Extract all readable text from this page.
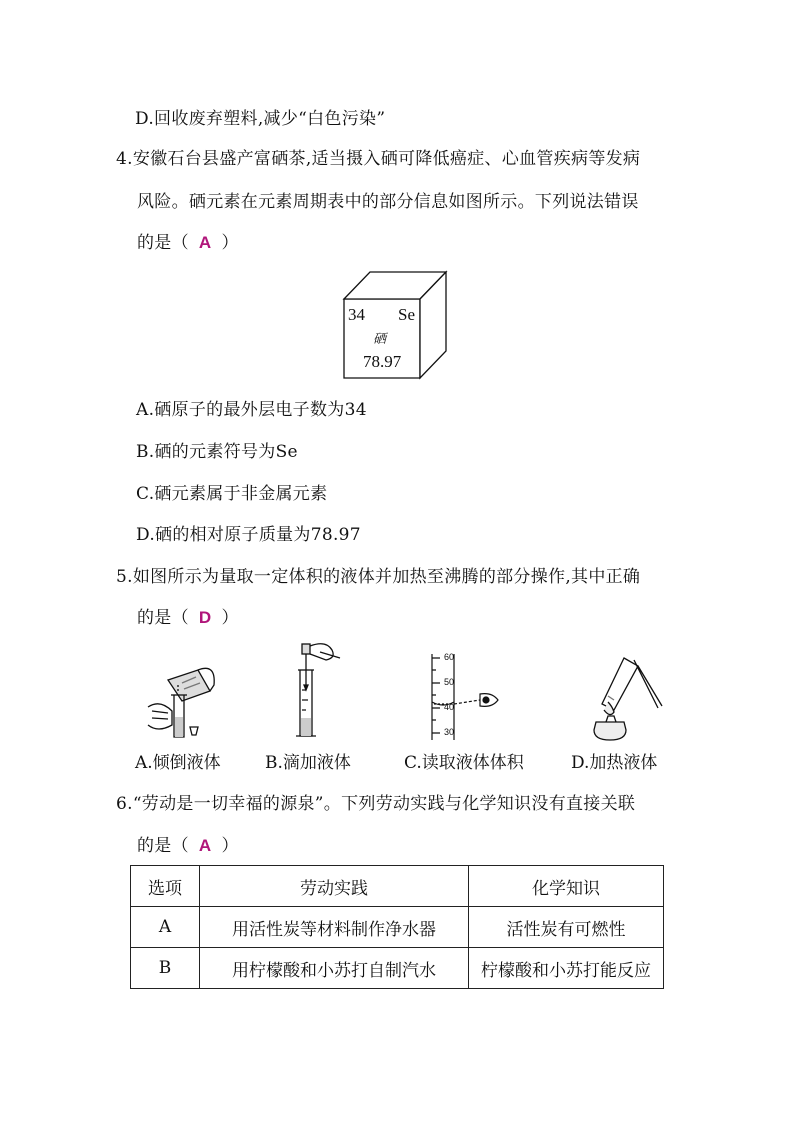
D.回收废弃塑料,减少“白色污染”
4.安徽石台县盛产富硒茶,适当摄入硒可降低癌症、心血管疾病等发病
风险。硒元素在元素周期表中的部分信息如图所示。下列说法错误
的是（ A ）
34 Se
硒
78.97
A.硒原子的最外层电子数为34
B.硒的元素符号为Se
C.硒元素属于非金属元素
D.硒的相对原子质量为78.97
5.如图所示为量取一定体积的液体并加热至沸腾的部分操作,其中正确
的是（ D ）
60
50
40
30
A.倾倒液体	B.滴加液体	C.读取液体体积	D.加热液体
6.“劳动是一切幸福的源泉”。下列劳动实践与化学知识没有直接关联
的是（ A ）
选项	劳动实践	化学知识
A	用活性炭等材料制作净水器	活性炭有可燃性
B	用柠檬酸和小苏打自制汽水	柠檬酸和小苏打能反应
